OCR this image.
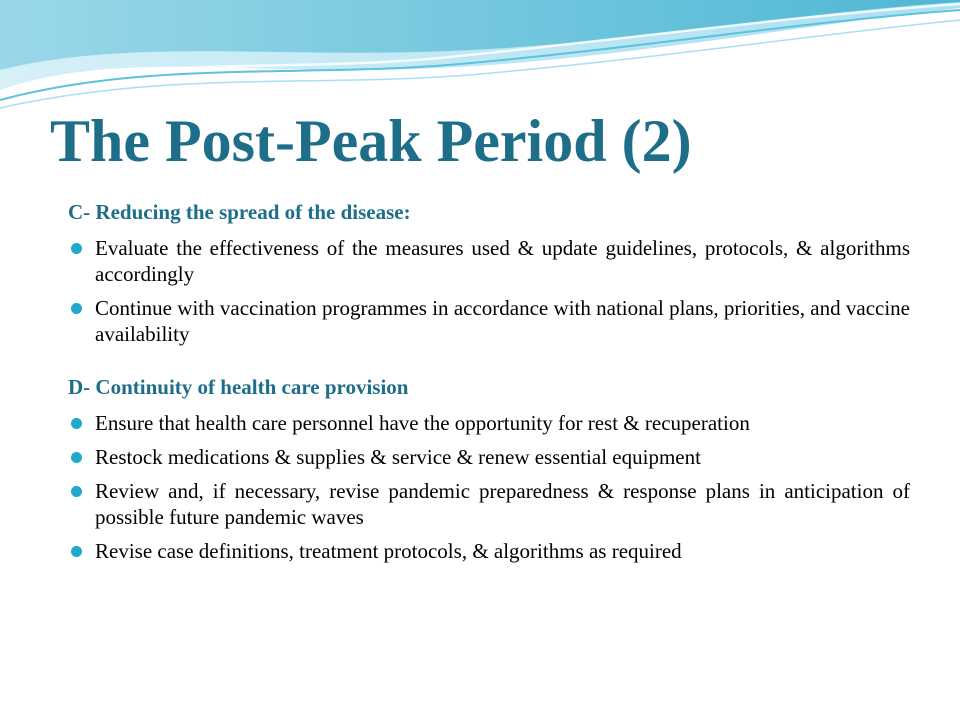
The Post-Peak Period (2)
C- Reducing the spread of the disease:
Evaluate the effectiveness of the measures used & update guidelines, protocols, & algorithms accordingly
Continue with vaccination programmes in accordance with national plans, priorities, and vaccine availability
D- Continuity of health care provision
Ensure that health care personnel have the opportunity for rest & recuperation
Restock medications & supplies & service & renew essential equipment
Review and, if necessary, revise pandemic preparedness & response plans in anticipation of possible future pandemic waves
Revise case definitions, treatment protocols, & algorithms as required
